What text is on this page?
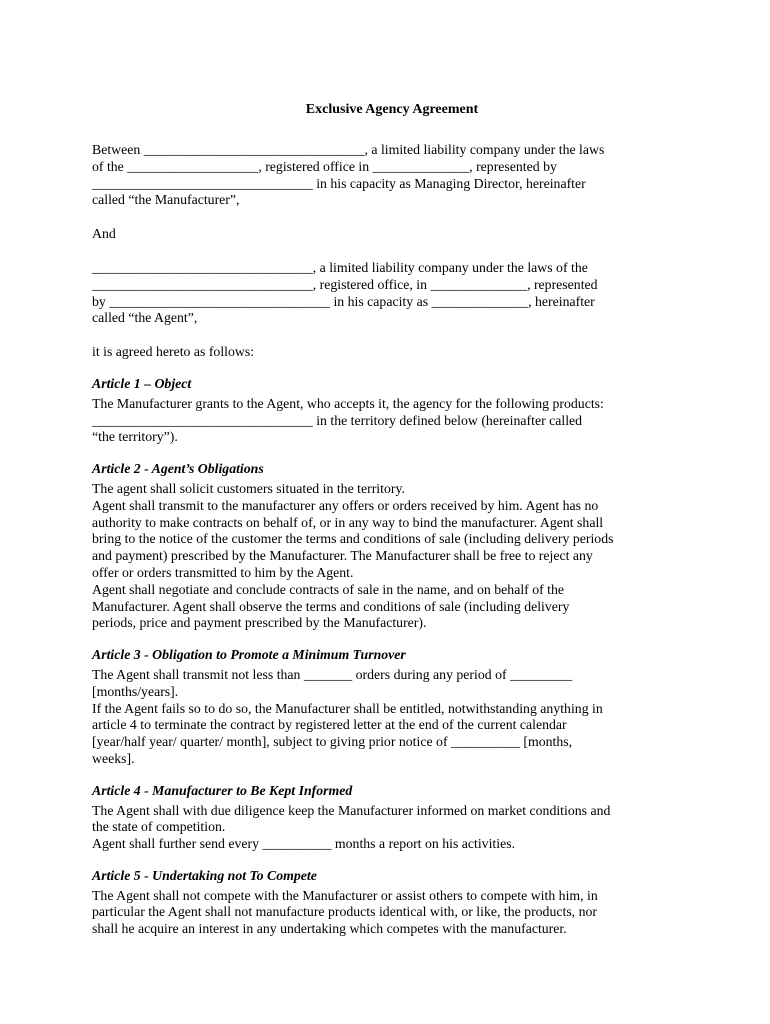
Exclusive Agency Agreement
Between ________________________________, a limited liability company under the laws
of the ___________________, registered office in ______________, represented by
________________________________ in his capacity as Managing Director, hereinafter
called “the Manufacturer”,
And
________________________________, a limited liability company under the laws of the
________________________________, registered office, in ______________, represented
by ________________________________ in his capacity as ______________, hereinafter
called “the Agent”,
it is agreed hereto as follows:
Article 1 – Object
The Manufacturer grants to the Agent, who accepts it, the agency for the following products:
________________________________ in the territory defined below (hereinafter called
“the territory”).
Article 2 - Agent’s Obligations
The agent shall solicit customers situated in the territory.
Agent shall transmit to the manufacturer any offers or orders received by him. Agent has no
authority to make contracts on behalf of, or in any way to bind the manufacturer. Agent shall
bring to the notice of the customer the terms and conditions of sale (including delivery periods
and payment) prescribed by the Manufacturer. The Manufacturer shall be free to reject any
offer or orders transmitted to him by the Agent.
Agent shall negotiate and conclude contracts of sale in the name, and on behalf of the
Manufacturer. Agent shall observe the terms and conditions of sale (including delivery
periods, price and payment prescribed by the Manufacturer).
Article 3 - Obligation to Promote a Minimum Turnover
The Agent shall transmit not less than _______ orders during any period of _________
[months/years].
If the Agent fails so to do so, the Manufacturer shall be entitled, notwithstanding anything in
article 4 to terminate the contract by registered letter at the end of the current calendar
[year/half year/ quarter/ month], subject to giving prior notice of __________ [months,
weeks].
Article 4 - Manufacturer to Be Kept Informed
The Agent shall with due diligence keep the Manufacturer informed on market conditions and
the state of competition.
Agent shall further send every __________ months a report on his activities.
Article 5 - Undertaking not To Compete
The Agent shall not compete with the Manufacturer or assist others to compete with him, in
particular the Agent shall not manufacture products identical with, or like, the products, nor
shall he acquire an interest in any undertaking which competes with the manufacturer.
